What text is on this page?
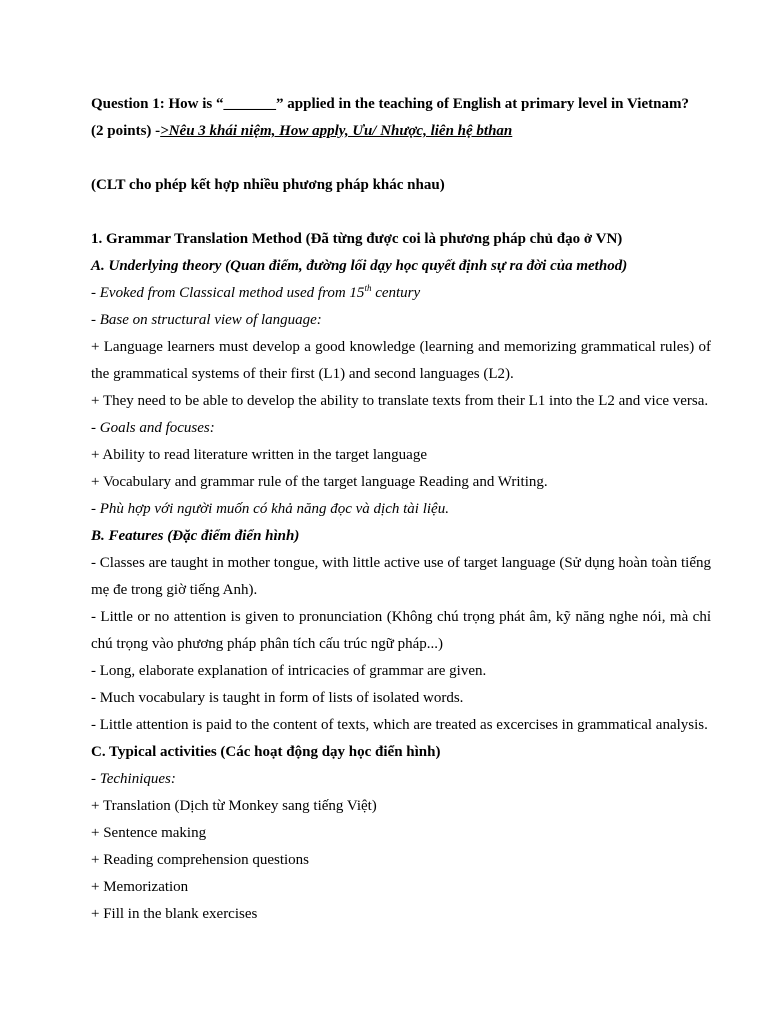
Question 1: How is “_______” applied in the teaching of English at primary level in Vietnam?
(2 points) ->Nêu 3 khái niệm, How apply, Ưu/ Nhược, liên hệ bthan
(CLT cho phép kết hợp nhiều phương pháp khác nhau)
1. Grammar Translation Method (Đã từng được coi là phương pháp chủ đạo ở VN)
A. Underlying theory (Quan điểm, đường lối dạy học quyết định sự ra đời của method)
- Evoked from Classical method used from 15th century
- Base on structural view of language:
+ Language learners must develop a good knowledge (learning and memorizing grammatical rules) of the grammatical systems of their first (L1) and second languages (L2).
+ They need to be able to develop the ability to translate texts from their L1 into the L2 and vice versa.
- Goals and focuses:
+ Ability to read literature written in the target language
+ Vocabulary and grammar rule of the target language Reading and Writing.
- Phù hợp với người muốn có khả năng đọc và dịch tài liệu.
B. Features (Đặc điểm điển hình)
- Classes are taught in mother tongue, with little active use of target language (Sử dụng hoàn toàn tiếng mẹ đe trong giờ tiếng Anh).
- Little or no attention is given to pronunciation (Không chú trọng phát âm, kỹ năng nghe nói, mà chỉ chú trọng vào phương pháp phân tích cấu trúc ngữ pháp...)
- Long, elaborate explanation of intricacies of grammar are given.
- Much vocabulary is taught in form of lists of isolated words.
- Little attention is paid to the content of texts, which are treated as excercises in grammatical analysis.
C. Typical activities (Các hoạt động dạy học điển hình)
- Techiniques:
+ Translation (Dịch từ Monkey sang tiếng Việt)
+ Sentence making
+ Reading comprehension questions
+ Memorization
+ Fill in the blank exercises
